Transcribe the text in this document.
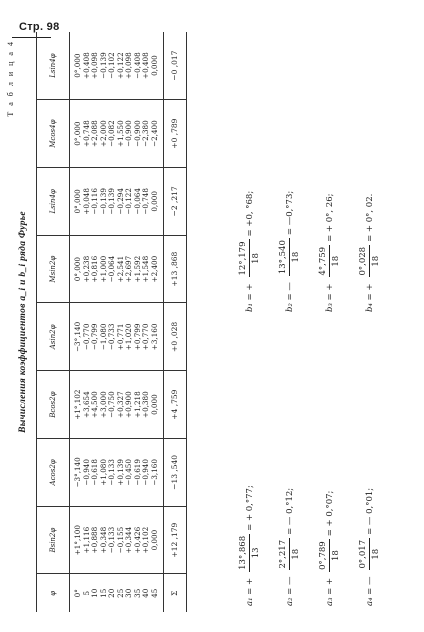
Стр. 98
Т а б л и ц а 4
Вычисления коэффициентов a_i и b_i ряда Фурье
φ	Bsin2φ	Acos2φ	Bcos2φ	Asin2φ	Msin2φ	Lsin4φ	Mcos4φ	Lsin4φ
0°	+1°,100	−3°,140	+1°,102	−3°,140	0°,000	0°,000	0°,000	0°,000
5	+1,116	−0,940	+3,654	−0,770	+0,238	+0,048	+0,748	+0,408
10	+0,888	−0,618	+4,500	−0,799	+0,816	−0,116	+2,088	+0,098
15	+0,348	+1,080	+3,000	−1,080	+1,000	−0,139	+2,000	−0,139
20	−0,133	−0,133	−0,750	−0,733	−0,064	−0,139	−0,082	−0,102
25	−0,155	+0,139	+0,327	+0,771	+2,541	−0,294	+1,550	+0,122
30	+0,344	−0,450	+0,900	+1,020	+2,697	−0,122	−0,900	+0,098
35	+0,426	−0,619	+1,218	+0,799	+1,592	−0,064	−0,900	−0,408
40	+0,102	−0,940	+0,380	+0,770	+1,548	−0,748	−2,380	+0,408
45	0,000	−3,160	0,000	+3,160	+2,400	0,000	−2,400	0,000
Σ	+12 ,179	−13 ,540	+4 ,759	+0 ,028	+13 ,868	−2 ,217	+0 ,789	−0 ,017
a₁ = +
13°,868 13
= + 0,°77;
a₂ = —
2°,217 18
= — 0,°12;
a₃ = +
0°,789 18
= + 0,°07;
a₄ = —
0°,017 18
= — 0,°01;
b₁ = +
12°,179 18
= +0, °68;
b₂ = —
13°,540 18
= —0,°73;
b₃ = +
4°,759 18
= + 0°, 26;
b₄ = +
0°,028 18
= + 0°, 02.
